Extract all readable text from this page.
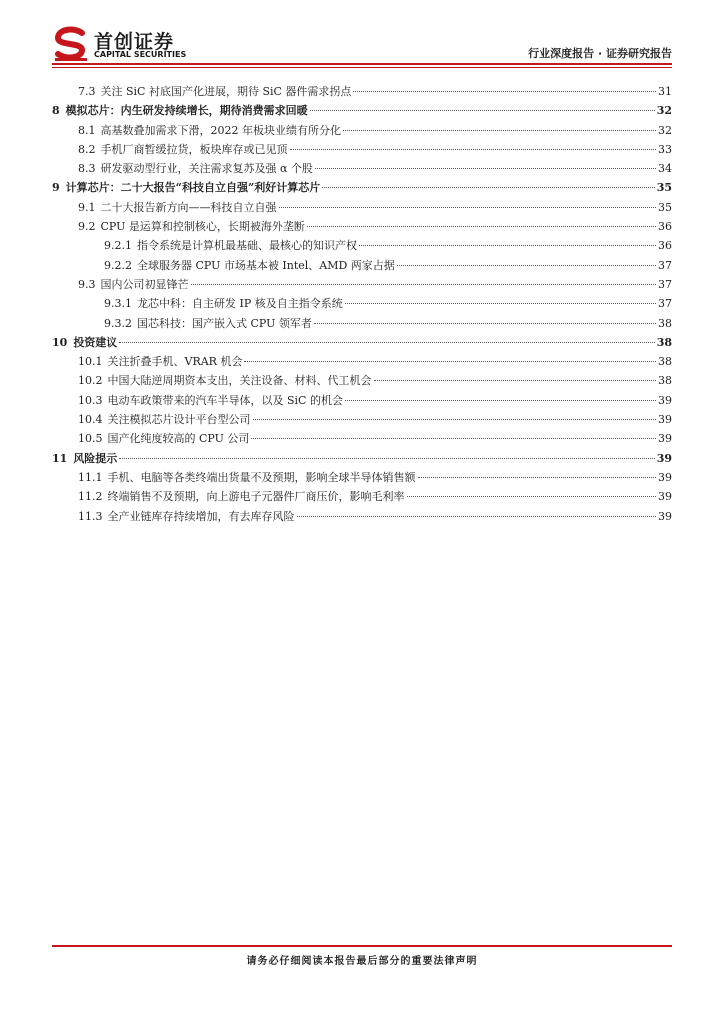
首创证券
CAPITAL SECURITIES	行业深度报告 · 证券研究报告
7.3 关注 SiC 衬底国产化进展，期待 SiC 器件需求拐点	31
8 模拟芯片：内生研发持续增长，期待消费需求回暖	32
8.1 高基数叠加需求下滑，2022 年板块业绩有所分化	32
8.2 手机厂商暂缓拉货，板块库存或已见顶	33
8.3 研发驱动型行业，关注需求复苏及强 α 个股	34
9 计算芯片：二十大报告“科技自立自强”利好计算芯片	35
9.1 二十大报告新方向——科技自立自强	35
9.2 CPU 是运算和控制核心，长期被海外垄断	36
9.2.1 指令系统是计算机最基础、最核心的知识产权	36
9.2.2 全球服务器 CPU 市场基本被 Intel、AMD 两家占据	37
9.3 国内公司初显锋芒	37
9.3.1 龙芯中科：自主研发 IP 核及自主指令系统	37
9.3.2 国芯科技：国产嵌入式 CPU 领军者	38
10 投资建议	38
10.1 关注折叠手机、VRAR 机会	38
10.2 中国大陆逆周期资本支出，关注设备、材料、代工机会	38
10.3 电动车政策带来的汽车半导体，以及 SiC 的机会	39
10.4 关注模拟芯片设计平台型公司	39
10.5 国产化纯度较高的 CPU 公司	39
11 风险提示	39
11.1 手机、电脑等各类终端出货量不及预期，影响全球半导体销售额	39
11.2 终端销售不及预期，向上游电子元器件厂商压价，影响毛利率	39
11.3 全产业链库存持续增加，有去库存风险	39
请务必仔细阅读本报告最后部分的重要法律声明
